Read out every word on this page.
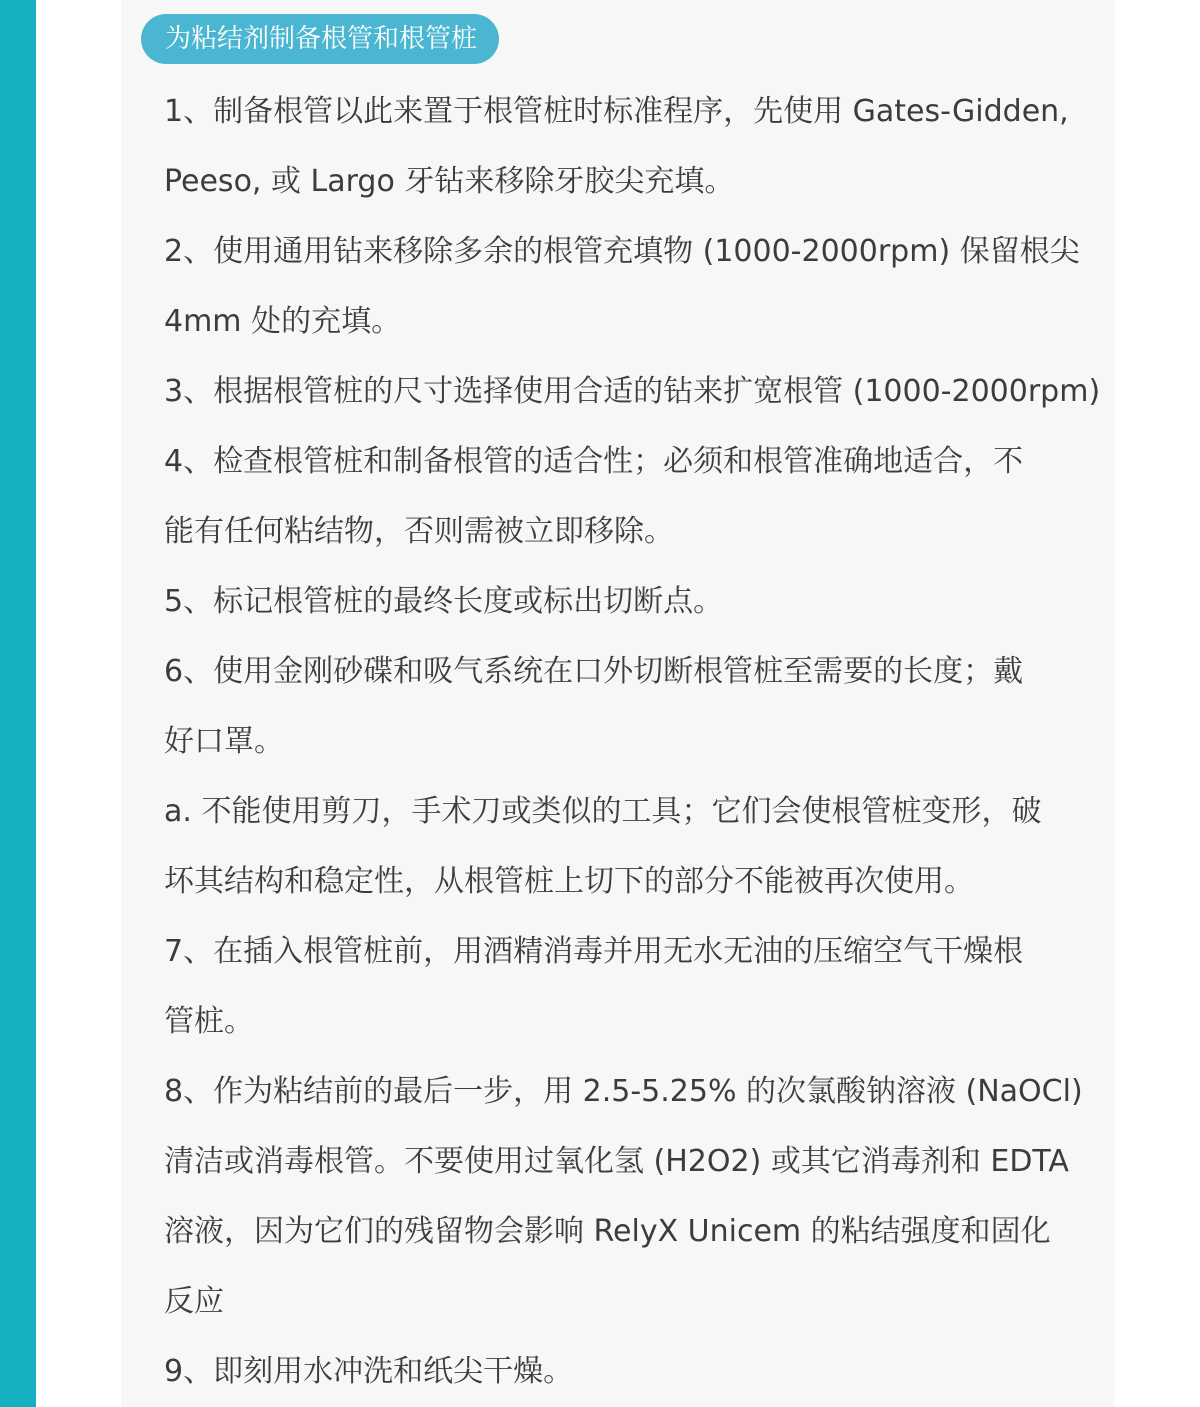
为粘结剂制备根管和根管桩
1、制备根管以此来置于根管桩时标准程序，先使用 Gates-Gidden,
Peeso, 或 Largo 牙钻来移除牙胶尖充填。
2、使用通用钻来移除多余的根管充填物 (1000-2000rpm) 保留根尖
4mm 处的充填。
3、根据根管桩的尺寸选择使用合适的钻来扩宽根管 (1000-2000rpm)
4、检查根管桩和制备根管的适合性；必须和根管准确地适合，不
能有任何粘结物，否则需被立即移除。
5、标记根管桩的最终长度或标出切断点。
6、使用金刚砂碟和吸气系统在口外切断根管桩至需要的长度；戴
好口罩。
a. 不能使用剪刀，手术刀或类似的工具；它们会使根管桩变形，破
坏其结构和稳定性，从根管桩上切下的部分不能被再次使用。
7、在插入根管桩前，用酒精消毒并用无水无油的压缩空气干燥根
管桩。
8、作为粘结前的最后一步，用 2.5-5.25% 的次氯酸钠溶液 (NaOCl)
清洁或消毒根管。不要使用过氧化氢 (H2O2) 或其它消毒剂和 EDTA
溶液，因为它们的残留物会影响 RelyX Unicem 的粘结强度和固化
反应
9、即刻用水冲洗和纸尖干燥。
